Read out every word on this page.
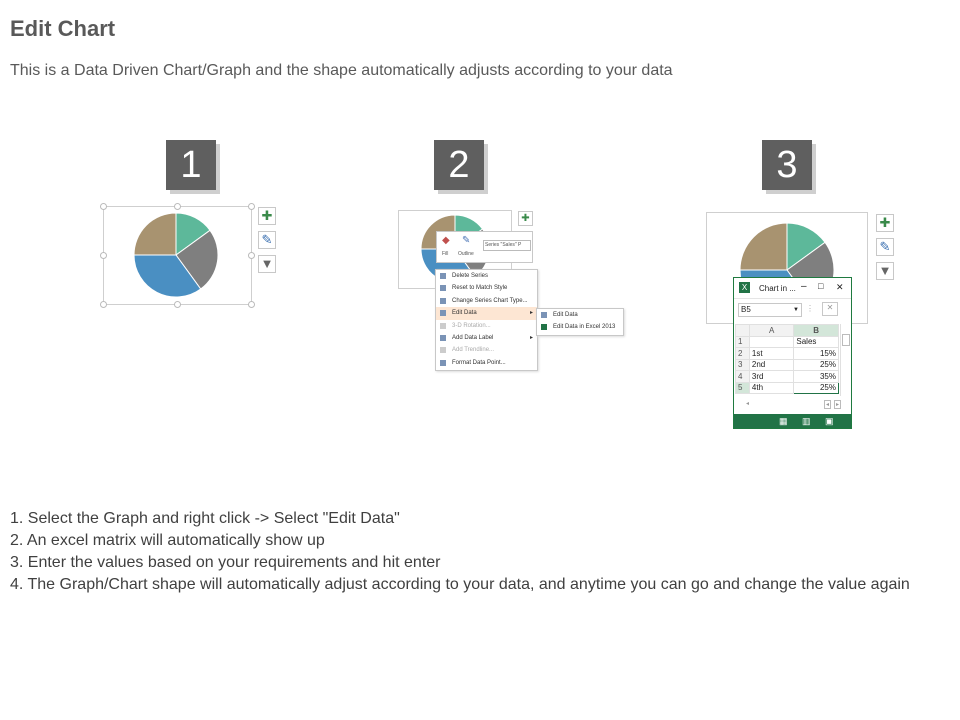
Edit Chart
This is a Data Driven Chart/Graph and the shape automatically adjusts according to your data
1	2	3
✚
✎
▼
✚
◆
Fill
✎
Outline
Series "Sales" P
Delete Series
Reset to Match Style
Change Series Chart Type...
Edit Data	▸
3-D Rotation...
Add Data Label	▸
Add Trendline...
Format Data Point...
Edit Data
Edit Data in Excel 2013
✚
✎
▼
X	Chart in ... – □ ✕
B5	▼ ⋮	✕
	A	B
1		Sales
2	1st	15%
3	2nd	25%
4	3rd	35%
5	4th	25%
◂	◂	▸
▦ ▥ ▣
1. Select the Graph and right click -> Select "Edit Data"
2. An excel matrix will automatically show up
3. Enter the values based on your requirements and hit enter
4. The Graph/Chart shape will automatically adjust according to your data, and anytime you can go and change the value again
